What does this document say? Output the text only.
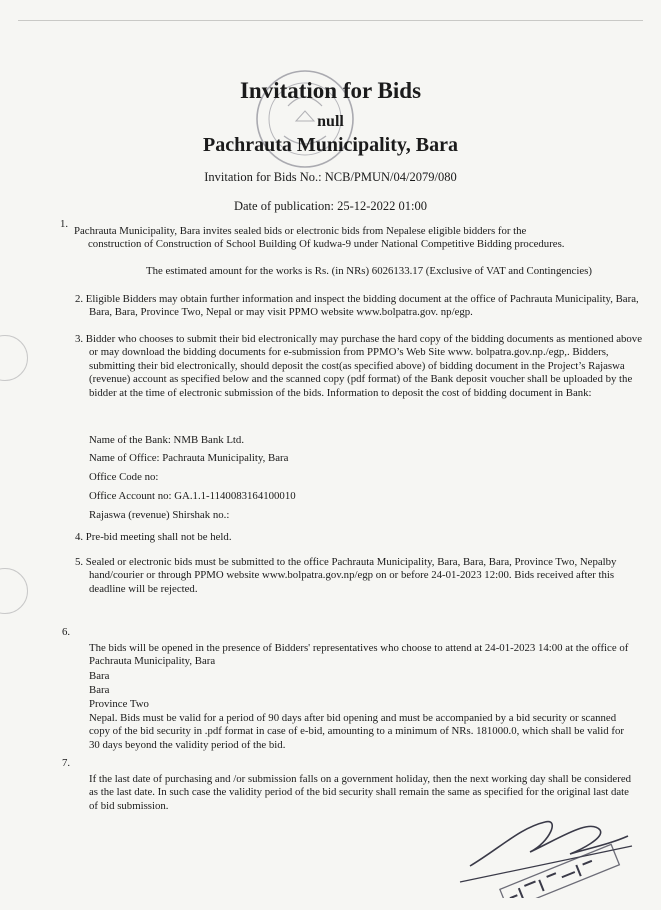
Invitation for Bids
null
Pachrauta Municipality, Bara
Invitation for Bids No.: NCB/PMUN/04/2079/080
Date of publication: 25-12-2022 01:00
1.
Pachrauta Municipality, Bara invites sealed bids or electronic bids from Nepalese eligible bidders for the
construction of Construction of School Building Of kudwa-9 under National Competitive Bidding procedures.
The estimated amount for the works is Rs. (in NRs) 6026133.17 (Exclusive of VAT and Contingencies)
2. Eligible Bidders may obtain further information and inspect the bidding document at the office of Pachrauta Municipality, Bara, Bara, Bara, Province Two, Nepal or may visit PPMO website www.bolpatra.gov. np/egp.
3. Bidder who chooses to submit their bid electronically may purchase the hard copy of the bidding documents as mentioned above or may download the bidding documents for e-submission from PPMO’s Web Site www. bolpatra.gov.np./egp,. Bidders, submitting their bid electronically, should deposit the cost(as specified above) of bidding document in the Project’s Rajaswa (revenue) account as specified below and the scanned copy (pdf format) of the Bank deposit voucher shall be uploaded by the bidder at the time of electronic submission of the bids. Information to deposit the cost of bidding document in Bank:
Name of the Bank: NMB Bank Ltd.
Name of Office: Pachrauta Municipality, Bara
Office Code no:
Office Account no: GA.1.1-1140083164100010
Rajaswa (revenue) Shirshak no.:
4. Pre-bid meeting shall not be held.
5. Sealed or electronic bids must be submitted to the office Pachrauta Municipality, Bara, Bara, Bara, Province Two, Nepalby hand/courier or through PPMO website www.bolpatra.gov.np/egp on or before 24-01-2023 12:00. Bids received after this deadline will be rejected.
6.
The bids will be opened in the presence of Bidders' representatives who choose to attend at 24-01-2023 14:00 at the office of Pachrauta Municipality, Bara
Bara
Bara
Province Two
Nepal. Bids must be valid for a period of 90 days after bid opening and must be accompanied by a bid security or scanned copy of the bid security in .pdf format in case of e-bid, amounting to a minimum of NRs. 181000.0, which shall be valid for 30 days beyond the validity period of the bid.
7.
If the last date of purchasing and /or submission falls on a government holiday, then the next working day shall be considered as the last date. In such case the validity period of the bid security shall remain the same as specified for the original last date of bid submission.
